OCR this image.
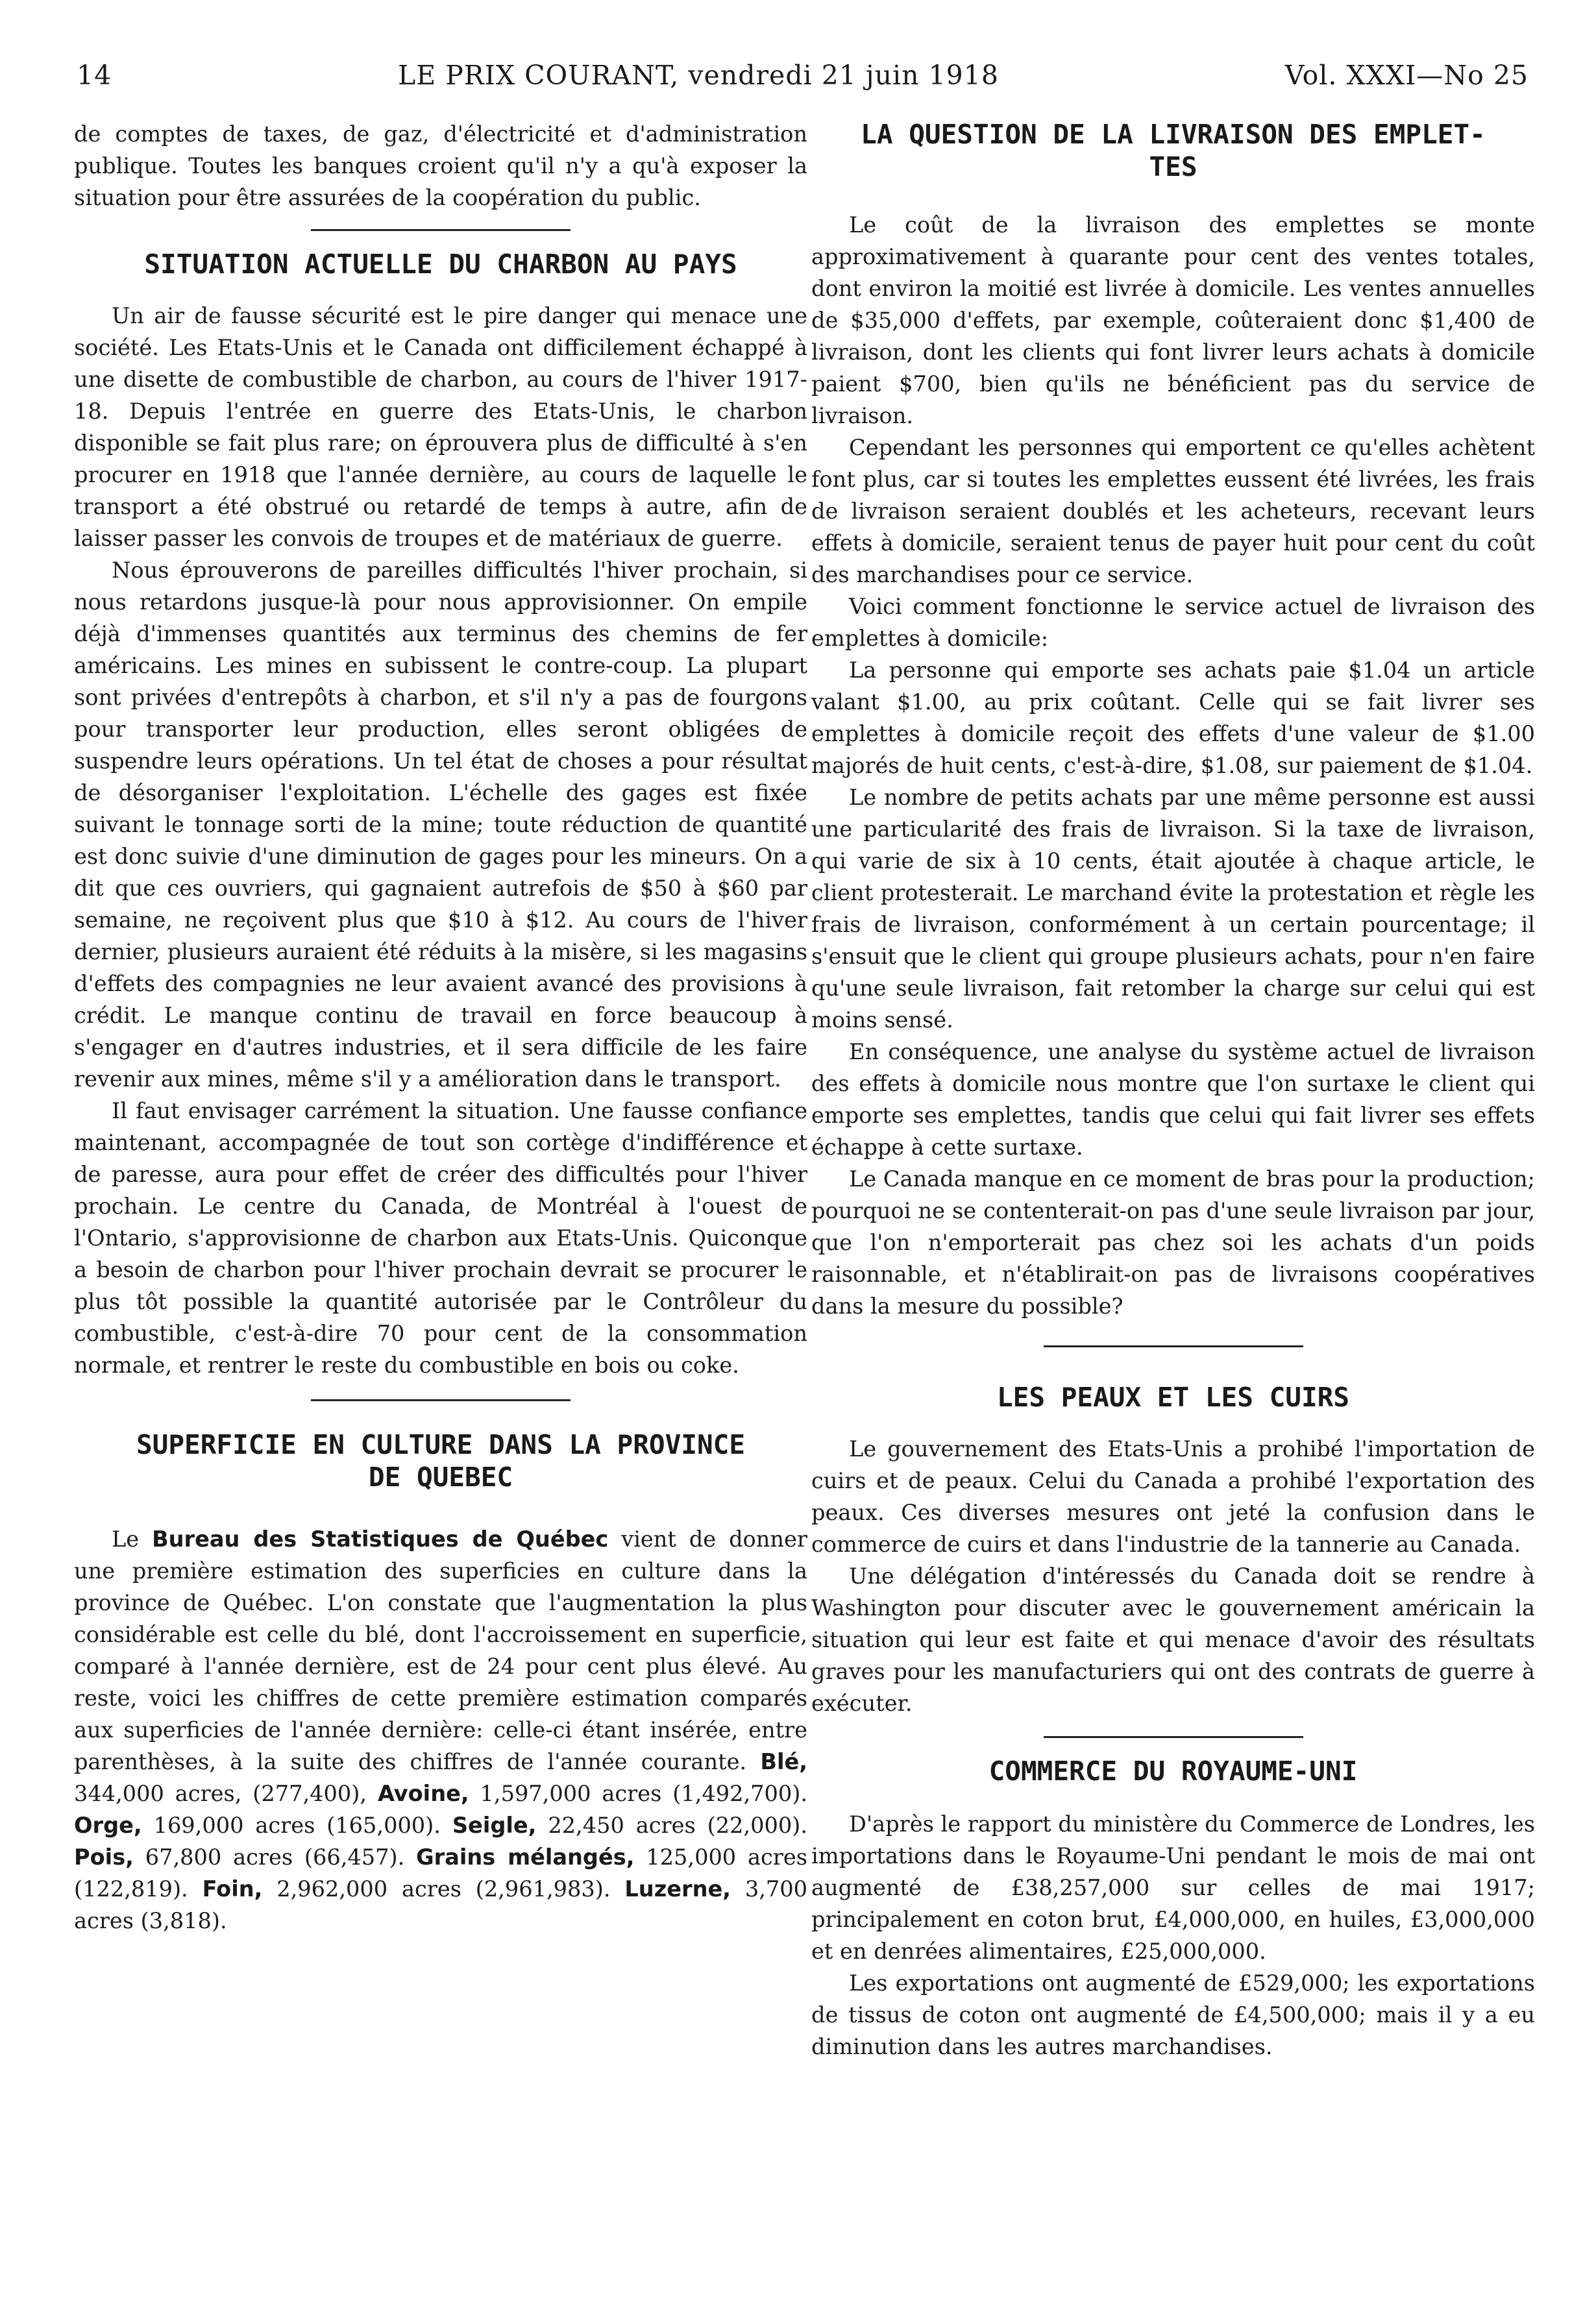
14	LE PRIX COURANT, vendredi 21 juin 1918	Vol. XXXI—No 25

de comptes de taxes, de gaz, d'électricité et d'administration publique. Toutes les banques croient qu'il n'y a qu'à exposer la situation pour être assurées de la coopération du public.

SITUATION ACTUELLE DU CHARBON AU PAYS

Un air de fausse sécurité est le pire danger qui menace une société. Les Etats-Unis et le Canada ont difficilement échappé à une disette de combustible de charbon, au cours de l'hiver 1917-18. Depuis l'entrée en guerre des Etats-Unis, le charbon disponible se fait plus rare; on éprouvera plus de difficulté à s'en procurer en 1918 que l'année dernière, au cours de laquelle le transport a été obstrué ou retardé de temps à autre, afin de laisser passer les convois de troupes et de matériaux de guerre.

Nous éprouverons de pareilles difficultés l'hiver prochain, si nous retardons jusque-là pour nous approvisionner. On empile déjà d'immenses quantités aux terminus des chemins de fer américains. Les mines en subissent le contre-coup. La plupart sont privées d'entrepôts à charbon, et s'il n'y a pas de fourgons pour transporter leur production, elles seront obligées de suspendre leurs opérations. Un tel état de choses a pour résultat de désorganiser l'exploitation. L'échelle des gages est fixée suivant le tonnage sorti de la mine; toute réduction de quantité est donc suivie d'une diminution de gages pour les mineurs. On a dit que ces ouvriers, qui gagnaient autrefois de $50 à $60 par semaine, ne reçoivent plus que $10 à $12. Au cours de l'hiver dernier, plusieurs auraient été réduits à la misère, si les magasins d'effets des compagnies ne leur avaient avancé des provisions à crédit. Le manque continu de travail en force beaucoup à s'engager en d'autres industries, et il sera difficile de les faire revenir aux mines, même s'il y a amélioration dans le transport.

Il faut envisager carrément la situation. Une fausse confiance maintenant, accompagnée de tout son cortège d'indifférence et de paresse, aura pour effet de créer des difficultés pour l'hiver prochain. Le centre du Canada, de Montréal à l'ouest de l'Ontario, s'approvisionne de charbon aux Etats-Unis. Quiconque a besoin de charbon pour l'hiver prochain devrait se procurer le plus tôt possible la quantité autorisée par le Contrôleur du combustible, c'est-à-dire 70 pour cent de la consommation normale, et rentrer le reste du combustible en bois ou coke.

SUPERFICIE EN CULTURE DANS LA PROVINCE
DE QUEBEC

Le Bureau des Statistiques de Québec vient de donner une première estimation des superficies en culture dans la province de Québec. L'on constate que l'augmentation la plus considérable est celle du blé, dont l'accroissement en superficie, comparé à l'année dernière, est de 24 pour cent plus élevé. Au reste, voici les chiffres de cette première estimation comparés aux superficies de l'année dernière: celle-ci étant insérée, entre parenthèses, à la suite des chiffres de l'année courante. Blé, 344,000 acres, (277,400), Avoine, 1,597,000 acres (1,492,700). Orge, 169,000 acres (165,000). Seigle, 22,450 acres (22,000). Pois, 67,800 acres (66,457). Grains mélangés, 125,000 acres (122,819). Foin, 2,962,000 acres (2,961,983). Luzerne, 3,700 acres (3,818).

LA QUESTION DE LA LIVRAISON DES EMPLET-
TES

Le coût de la livraison des emplettes se monte approximativement à quarante pour cent des ventes totales, dont environ la moitié est livrée à domicile. Les ventes annuelles de $35,000 d'effets, par exemple, coûteraient donc $1,400 de livraison, dont les clients qui font livrer leurs achats à domicile paient $700, bien qu'ils ne bénéficient pas du service de livraison.

Cependant les personnes qui emportent ce qu'elles achètent font plus, car si toutes les emplettes eussent été livrées, les frais de livraison seraient doublés et les acheteurs, recevant leurs effets à domicile, seraient tenus de payer huit pour cent du coût des marchandises pour ce service.

Voici comment fonctionne le service actuel de livraison des emplettes à domicile:

La personne qui emporte ses achats paie $1.04 un article valant $1.00, au prix coûtant. Celle qui se fait livrer ses emplettes à domicile reçoit des effets d'une valeur de $1.00 majorés de huit cents, c'est-à-dire, $1.08, sur paiement de $1.04.

Le nombre de petits achats par une même personne est aussi une particularité des frais de livraison. Si la taxe de livraison, qui varie de six à 10 cents, était ajoutée à chaque article, le client protesterait. Le marchand évite la protestation et règle les frais de livraison, conformément à un certain pourcentage; il s'ensuit que le client qui groupe plusieurs achats, pour n'en faire qu'une seule livraison, fait retomber la charge sur celui qui est moins sensé.

En conséquence, une analyse du système actuel de livraison des effets à domicile nous montre que l'on surtaxe le client qui emporte ses emplettes, tandis que celui qui fait livrer ses effets échappe à cette surtaxe.

Le Canada manque en ce moment de bras pour la production; pourquoi ne se contenterait-on pas d'une seule livraison par jour, que l'on n'emporterait pas chez soi les achats d'un poids raisonnable, et n'établirait-on pas de livraisons coopératives dans la mesure du possible?

LES PEAUX ET LES CUIRS

Le gouvernement des Etats-Unis a prohibé l'importation de cuirs et de peaux. Celui du Canada a prohibé l'exportation des peaux. Ces diverses mesures ont jeté la confusion dans le commerce de cuirs et dans l'industrie de la tannerie au Canada.

Une délégation d'intéressés du Canada doit se rendre à Washington pour discuter avec le gouvernement américain la situation qui leur est faite et qui menace d'avoir des résultats graves pour les manufacturiers qui ont des contrats de guerre à exécuter.

COMMERCE DU ROYAUME-UNI

D'après le rapport du ministère du Commerce de Londres, les importations dans le Royaume-Uni pendant le mois de mai ont augmenté de £38,257,000 sur celles de mai 1917; principalement en coton brut, £4,000,000, en huiles, £3,000,000 et en denrées alimentaires, £25,000,000.

Les exportations ont augmenté de £529,000; les exportations de tissus de coton ont augmenté de £4,500,000; mais il y a eu diminution dans les autres marchandises.
